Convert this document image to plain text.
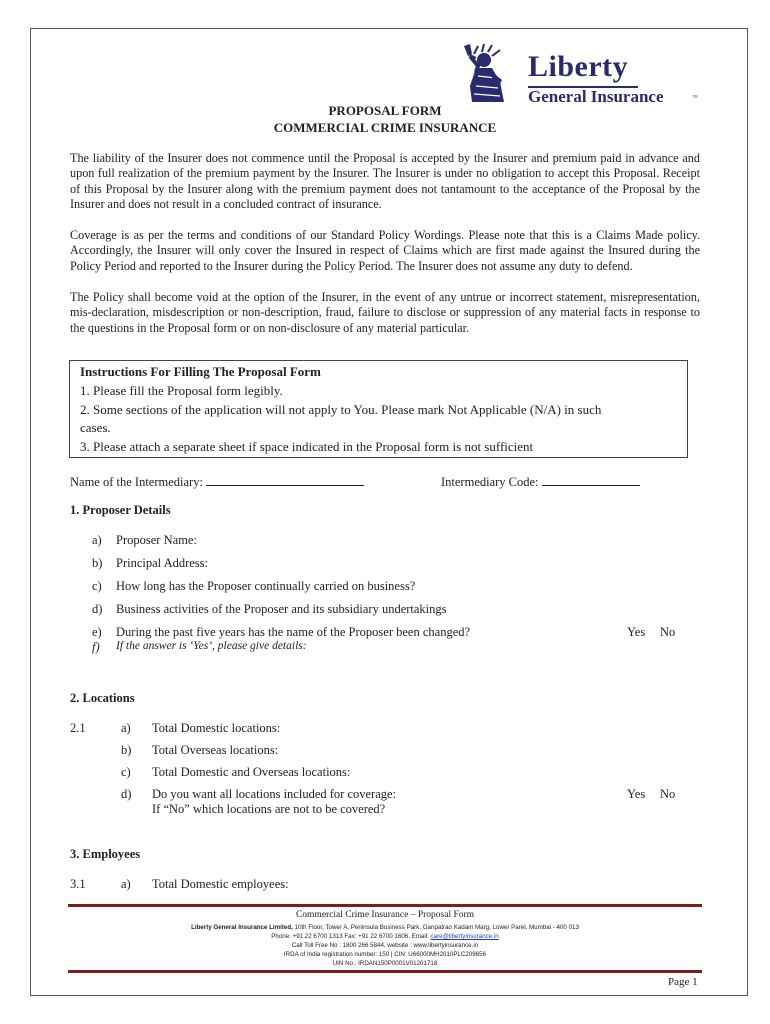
Liberty
General Insurance	™
PROPOSAL FORM
COMMERCIAL CRIME INSURANCE
The liability of the Insurer does not commence until the Proposal is accepted by the Insurer and premium paid in advance and upon full realization of the premium payment by the Insurer. The Insurer is under no obligation to accept this Proposal. Receipt of this Proposal by the Insurer along with the premium payment does not tantamount to the acceptance of the Proposal by the Insurer and does not result in a concluded contract of insurance.
Coverage is as per the terms and conditions of our Standard Policy Wordings. Please note that this is a Claims Made policy. Accordingly, the Insurer will only cover the Insured in respect of Claims which are first made against the Insured during the Policy Period and reported to the Insurer during the Policy Period. The Insurer does not assume any duty to defend.
The Policy shall become void at the option of the Insurer, in the event of any untrue or incorrect statement, misrepresentation, mis-declaration, misdescription or non-description, fraud, failure to disclose or suppression of any material facts in response to the questions in the Proposal form or on non-disclosure of any material particular.
Instructions For Filling The Proposal Form
1. Please fill the Proposal form legibly.
2. Some sections of the application will not apply to You. Please mark Not Applicable (N/A) in such
cases.
3. Please attach a separate sheet if space indicated in the Proposal form is not sufficient
Name of the Intermediary:	Intermediary Code:
1. Proposer Details
a) Proposer Name:
b) Principal Address:
c) How long has the Proposer continually carried on business?
d) Business activities of the Proposer and its subsidiary undertakings
e) During the past five years has the name of the Proposer been changed?	Yes No
f) If the answer is ‘Yes’, please give details:
2. Locations
2.1	a) Total Domestic locations:
b) Total Overseas locations:
c) Total Domestic and Overseas locations:
d) Do you want all locations included for coverage:	Yes No
If “No” which locations are not to be covered?
3. Employees
3.1	a) Total Domestic employees:
Commercial Crime Insurance – Proposal Form
Liberty General Insurance Limited, 10th Floor, Tower A, Peninsula Business Park, Ganpatrao Kadam Marg, Lower Parel, Mumbai - 400 013
Phone: +91 22 6700 1313 Fax: +91 22 6700 1606, Email: care@libertyinsurance.in
Call Toll Free No : 1800 266 5844, website : www.libertyinsurance.in
IRDA of India registration number: 150 | CIN: U66000MH2010PLC209656
UIN No.: IRDAN150P0001V01201718
Page 1
